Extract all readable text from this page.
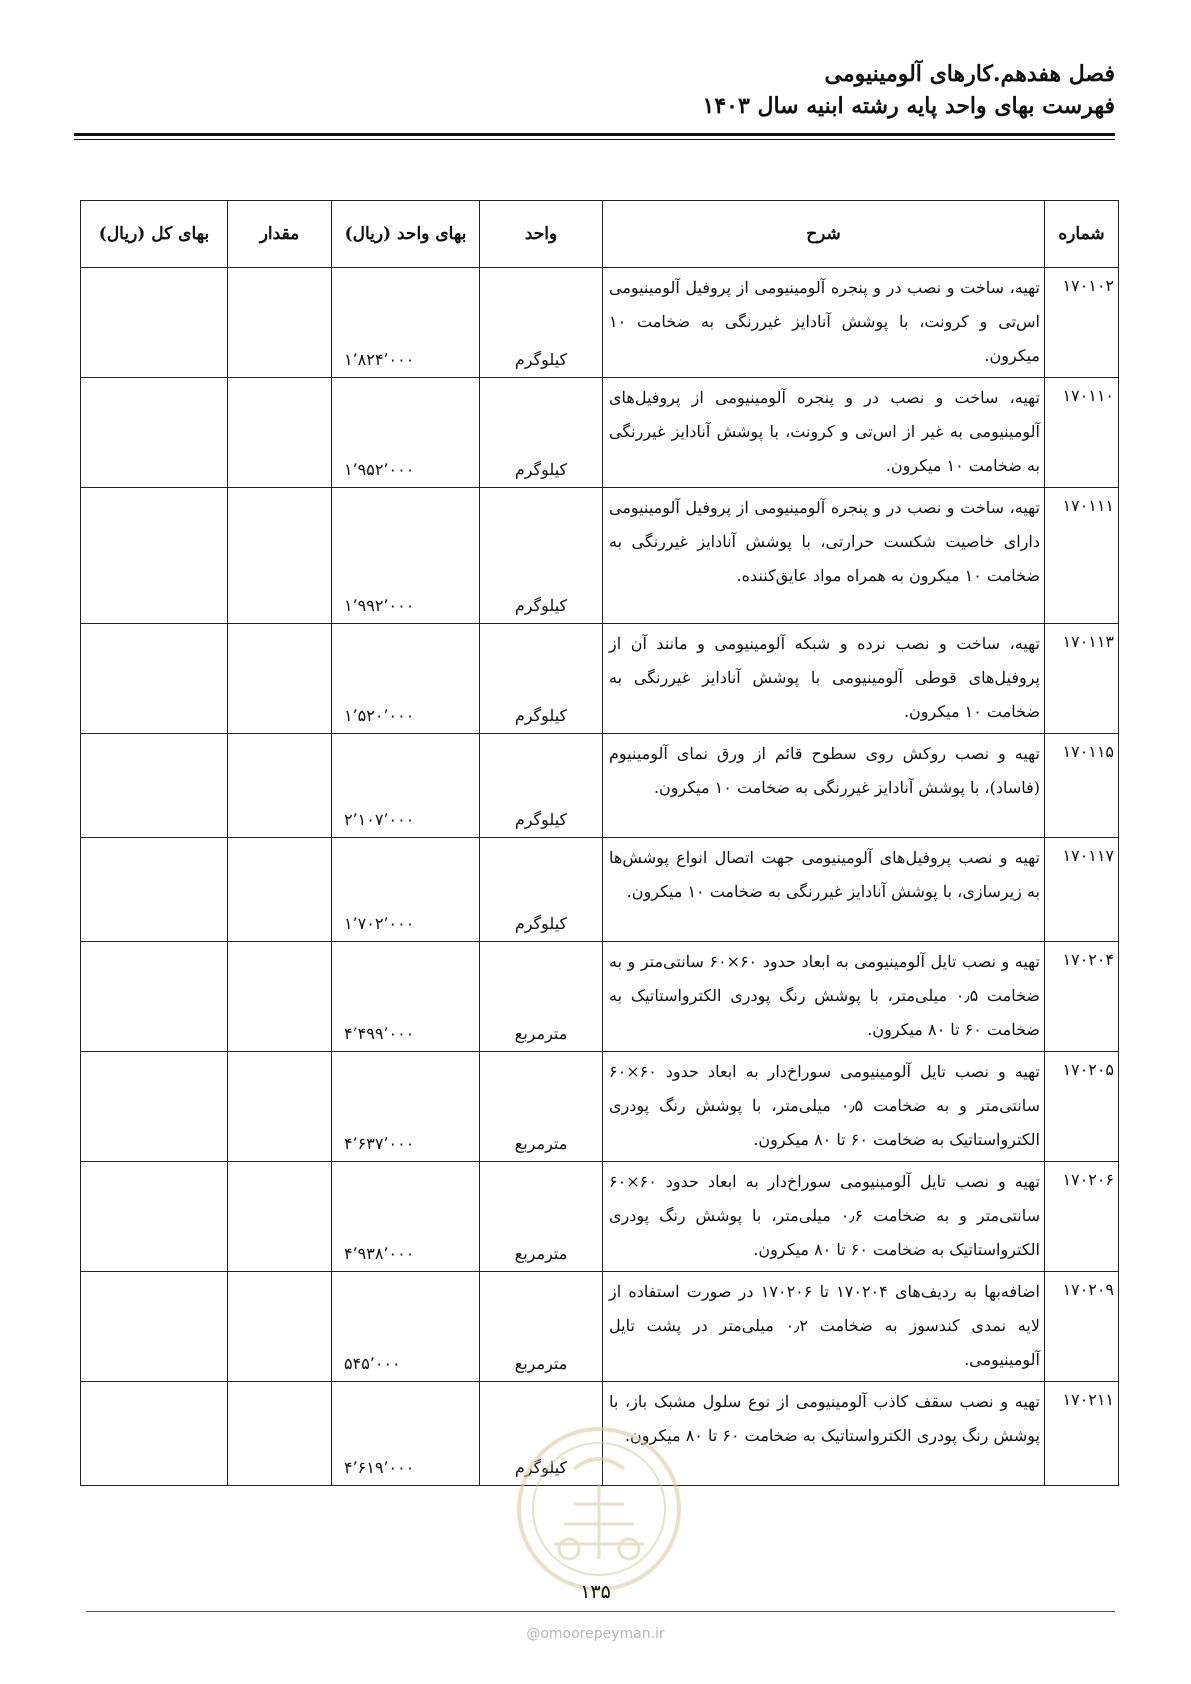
فصل هفدهم.کارهای آلومینیومی
فهرست بهای واحد پایه رشته ابنیه سال ۱۴۰۳
شماره	شرح	واحد	بهای واحد (ریال)	مقدار	بهای کل (ریال)
۱۷۰۱۰۲	تهیه، ساخت و نصب در و پنجره آلومینیومی از پروفیل آلومینیومی اس‌تی و کرونت، با پوشش آنادایز غیررنگی به ضخامت ۱۰ میکرون.	کیلوگرم	۱٬۸۲۴٬۰۰۰		
۱۷۰۱۱۰	تهیه، ساخت و نصب در و پنجره آلومینیومی از پروفیل‌های آلومینیومی به غیر از اس‌تی و کرونت، با پوشش آنادایز غیررنگی به ضخامت ۱۰ میکرون.	کیلوگرم	۱٬۹۵۲٬۰۰۰		
۱۷۰۱۱۱	تهیه، ساخت و نصب در و پنجره آلومینیومی از پروفیل آلومینیومی دارای خاصیت شکست حرارتی، با پوشش آنادایز غیررنگی به ضخامت ۱۰ میکرون به همراه مواد عایق‌کننده.	کیلوگرم	۱٬۹۹۲٬۰۰۰		
۱۷۰۱۱۳	تهیه، ساخت و نصب نرده و شبکه آلومینیومی و مانند آن از پروفیل‌های قوطی آلومینیومی با پوشش آنادایز غیررنگی به ضخامت ۱۰ میکرون.	کیلوگرم	۱٬۵۲۰٬۰۰۰		
۱۷۰۱۱۵	تهیه و نصب روکش روی سطوح قائم از ورق نمای آلومینیوم (فاساد)، با پوشش آنادایز غیررنگی به ضخامت ۱۰ میکرون.	کیلوگرم	۲٬۱۰۷٬۰۰۰		
۱۷۰۱۱۷	تهیه و نصب پروفیل‌های آلومینیومی جهت اتصال انواع پوشش‌ها به زیرسازی، با پوشش آنادایز غیررنگی به ضخامت ۱۰ میکرون.	کیلوگرم	۱٬۷۰۲٬۰۰۰		
۱۷۰۲۰۴	تهیه و نصب تایل آلومینیومی به ابعاد حدود ۶۰×۶۰ سانتی‌متر و به ضخامت ۰٫۵ میلی‌متر، با پوشش رنگ پودری الکترواستاتیک به ضخامت ۶۰ تا ۸۰ میکرون.	مترمربع	۴٬۴۹۹٬۰۰۰		
۱۷۰۲۰۵	تهیه و نصب تایل آلومینیومی سوراخ‌دار به ابعاد حدود ۶۰×۶۰ سانتی‌متر و به ضخامت ۰٫۵ میلی‌متر، با پوشش رنگ پودری الکترواستاتیک به ضخامت ۶۰ تا ۸۰ میکرون.	مترمربع	۴٬۶۳۷٬۰۰۰		
۱۷۰۲۰۶	تهیه و نصب تایل آلومینیومی سوراخ‌دار به ابعاد حدود ۶۰×۶۰ سانتی‌متر و به ضخامت ۰٫۶ میلی‌متر، با پوشش رنگ پودری الکترواستاتیک به ضخامت ۶۰ تا ۸۰ میکرون.	مترمربع	۴٬۹۳۸٬۰۰۰		
۱۷۰۲۰۹	اضافه‌بها به ردیف‌های ۱۷۰۲۰۴ تا ۱۷۰۲۰۶ در صورت استفاده از لایه نمدی کندسوز به ضخامت ۰٫۲ میلی‌متر در پشت تایل آلومینیومی.	مترمربع	۵۴۵٬۰۰۰		
۱۷۰۲۱۱	تهیه و نصب سقف کاذب آلومینیومی از نوع سلول مشبک باز، با پوشش رنگ پودری الکترواستاتیک به ضخامت ۶۰ تا ۸۰ میکرون.	کیلوگرم	۴٬۶۱۹٬۰۰۰		
۱۳۵
@omoorepeyman.ir
